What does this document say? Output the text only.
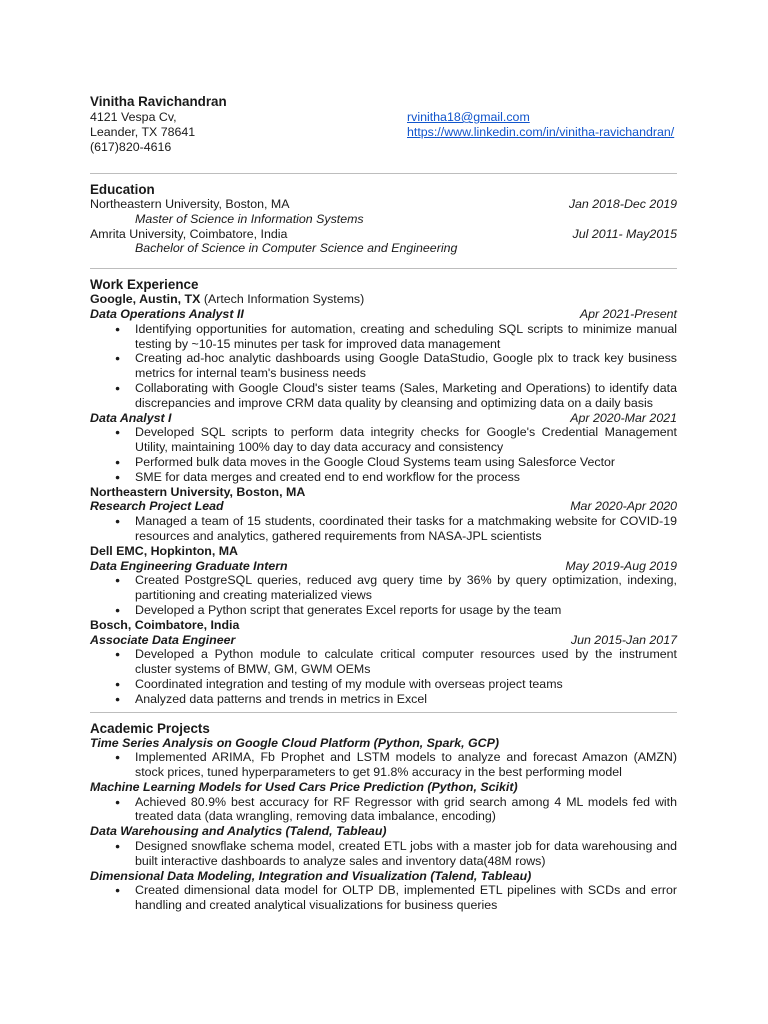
Vinitha Ravichandran
4121 Vespa Cv,
Leander, TX 78641
(617)820-4616
rvinitha18@gmail.com
https://www.linkedin.com/in/vinitha-ravichandran/
Education
Northeastern University, Boston, MA	Jan 2018-Dec 2019
Master of Science in Information Systems
Amrita University, Coimbatore, India	Jul 2011- May2015
Bachelor of Science in Computer Science and Engineering
Work Experience
Google, Austin, TX (Artech Information Systems)
Data Operations Analyst II	Apr 2021-Present
● Identifying opportunities for automation, creating and scheduling SQL scripts to minimize manual testing by ~10-15 minutes per task for improved data management
● Creating ad-hoc analytic dashboards using Google DataStudio, Google plx to track key business metrics for internal team's business needs
● Collaborating with Google Cloud's sister teams (Sales, Marketing and Operations) to identify data discrepancies and improve CRM data quality by cleansing and optimizing data on a daily basis
Data Analyst I	Apr 2020-Mar 2021
● Developed SQL scripts to perform data integrity checks for Google's Credential Management Utility, maintaining 100% day to day data accuracy and consistency
● Performed bulk data moves in the Google Cloud Systems team using Salesforce Vector
● SME for data merges and created end to end workflow for the process
Northeastern University, Boston, MA
Research Project Lead	Mar 2020-Apr 2020
● Managed a team of 15 students, coordinated their tasks for a matchmaking website for COVID-19 resources and analytics, gathered requirements from NASA-JPL scientists
Dell EMC, Hopkinton, MA
Data Engineering Graduate Intern	May 2019-Aug 2019
● Created PostgreSQL queries, reduced avg query time by 36% by query optimization, indexing, partitioning and creating materialized views
● Developed a Python script that generates Excel reports for usage by the team
Bosch, Coimbatore, India
Associate Data Engineer	Jun 2015-Jan 2017
● Developed a Python module to calculate critical computer resources used by the instrument cluster systems of BMW, GM, GWM OEMs
● Coordinated integration and testing of my module with overseas project teams
● Analyzed data patterns and trends in metrics in Excel
Academic Projects
Time Series Analysis on Google Cloud Platform (Python, Spark, GCP)
● Implemented ARIMA, Fb Prophet and LSTM models to analyze and forecast Amazon (AMZN) stock prices, tuned hyperparameters to get 91.8% accuracy in the best performing model
Machine Learning Models for Used Cars Price Prediction (Python, Scikit)
● Achieved 80.9% best accuracy for RF Regressor with grid search among 4 ML models fed with treated data (data wrangling, removing data imbalance, encoding)
Data Warehousing and Analytics (Talend, Tableau)
● Designed snowflake schema model, created ETL jobs with a master job for data warehousing and built interactive dashboards to analyze sales and inventory data(48M rows)
Dimensional Data Modeling, Integration and Visualization (Talend, Tableau)
● Created dimensional data model for OLTP DB, implemented ETL pipelines with SCDs and error handling and created analytical visualizations for business queries
